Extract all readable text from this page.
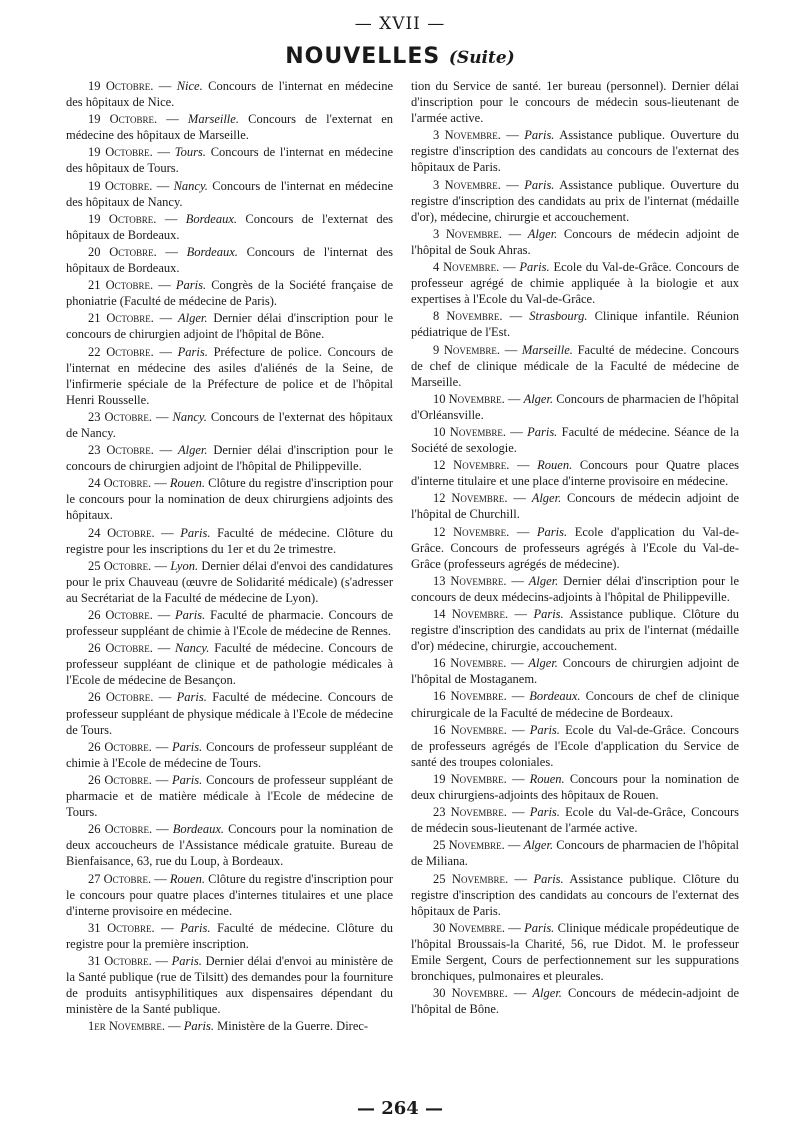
— XVII —
NOUVELLES (Suite)

19 Octobre. — Nice. Concours de l'internat en médecine des hôpitaux de Nice.

19 Octobre. — Marseille. Concours de l'externat en médecine des hôpitaux de Marseille.

19 Octobre. — Tours. Concours de l'internat en médecine des hôpitaux de Tours.

19 Octobre. — Nancy. Concours de l'internat en médecine des hôpitaux de Nancy.

19 Octobre. — Bordeaux. Concours de l'externat des hôpitaux de Bordeaux.

20 Octobre. — Bordeaux. Concours de l'internat des hôpitaux de Bordeaux.

21 Octobre. — Paris. Congrès de la Société française de phoniatrie (Faculté de médecine de Paris).

21 Octobre. — Alger. Dernier délai d'inscription pour le concours de chirurgien adjoint de l'hôpital de Bône.

22 Octobre. — Paris. Préfecture de police. Concours de l'internat en médecine des asiles d'aliénés de la Seine, de l'infirmerie spéciale de la Préfecture de police et de l'hôpital Henri Rousselle.

23 Octobre. — Nancy. Concours de l'externat des hôpitaux de Nancy.

23 Octobre. — Alger. Dernier délai d'inscription pour le concours de chirurgien adjoint de l'hôpital de Philippeville.

24 Octobre. — Rouen. Clôture du registre d'inscription pour le concours pour la nomination de deux chirurgiens adjoints des hôpitaux.

24 Octobre. — Paris. Faculté de médecine. Clôture du registre pour les inscriptions du 1er et du 2e trimestre.

25 Octobre. — Lyon. Dernier délai d'envoi des candidatures pour le prix Chauveau (œuvre de Solidarité médicale) (s'adresser au Secrétariat de la Faculté de médecine de Lyon).

26 Octobre. — Paris. Faculté de pharmacie. Concours de professeur suppléant de chimie à l'Ecole de médecine de Rennes.

26 Octobre. — Nancy. Faculté de médecine. Concours de professeur suppléant de clinique et de pathologie médicales à l'Ecole de médecine de Besançon.

26 Octobre. — Paris. Faculté de médecine. Concours de professeur suppléant de physique médicale à l'Ecole de médecine de Tours.

26 Octobre. — Paris. Concours de professeur suppléant de chimie à l'Ecole de médecine de Tours.

26 Octobre. — Paris. Concours de professeur suppléant de pharmacie et de matière médicale à l'Ecole de médecine de Tours.

26 Octobre. — Bordeaux. Concours pour la nomination de deux accoucheurs de l'Assistance médicale gratuite. Bureau de Bienfaisance, 63, rue du Loup, à Bordeaux.

27 Octobre. — Rouen. Clôture du registre d'inscription pour le concours pour quatre places d'internes titulaires et une place d'interne provisoire en médecine.

31 Octobre. — Paris. Faculté de médecine. Clôture du registre pour la première inscription.

31 Octobre. — Paris. Dernier délai d'envoi au ministère de la Santé publique (rue de Tilsitt) des demandes pour la fourniture de produits antisyphilitiques aux dispensaires dépendant du ministère de la Santé publique.

1er Novembre. — Paris. Ministère de la Guerre. Direc-

tion du Service de santé. 1er bureau (personnel). Dernier délai d'inscription pour le concours de médecin sous-lieutenant de l'armée active.

3 Novembre. — Paris. Assistance publique. Ouverture du registre d'inscription des candidats au concours de l'externat des hôpitaux de Paris.

3 Novembre. — Paris. Assistance publique. Ouverture du registre d'inscription des candidats au prix de l'internat (médaille d'or), médecine, chirurgie et accouchement.

3 Novembre. — Alger. Concours de médecin adjoint de l'hôpital de Souk Ahras.

4 Novembre. — Paris. Ecole du Val-de-Grâce. Concours de professeur agrégé de chimie appliquée à la biologie et aux expertises à l'Ecole du Val-de-Grâce.

8 Novembre. — Strasbourg. Clinique infantile. Réunion pédiatrique de l'Est.

9 Novembre. — Marseille. Faculté de médecine. Concours de chef de clinique médicale de la Faculté de médecine de Marseille.

10 Novembre. — Alger. Concours de pharmacien de l'hôpital d'Orléansville.

10 Novembre. — Paris. Faculté de médecine. Séance de la Société de sexologie.

12 Novembre. — Rouen. Concours pour Quatre places d'interne titulaire et une place d'interne provisoire en médecine.

12 Novembre. — Alger. Concours de médecin adjoint de l'hôpital de Churchill.

12 Novembre. — Paris. Ecole d'application du Val-de-Grâce. Concours de professeurs agrégés à l'Ecole du Val-de-Grâce (professeurs agrégés de médecine).

13 Novembre. — Alger. Dernier délai d'inscription pour le concours de deux médecins-adjoints à l'hôpital de Philippeville.

14 Novembre. — Paris. Assistance publique. Clôture du registre d'inscription des candidats au prix de l'internat (médaille d'or) médecine, chirurgie, accouchement.

16 Novembre. — Alger. Concours de chirurgien adjoint de l'hôpital de Mostaganem.

16 Novembre. — Bordeaux. Concours de chef de clinique chirurgicale de la Faculté de médecine de Bordeaux.

16 Novembre. — Paris. Ecole du Val-de-Grâce. Concours de professeurs agrégés de l'Ecole d'application du Service de santé des troupes coloniales.

19 Novembre. — Rouen. Concours pour la nomination de deux chirurgiens-adjoints des hôpitaux de Rouen.

23 Novembre. — Paris. Ecole du Val-de-Grâce, Concours de médecin sous-lieutenant de l'armée active.

25 Novembre. — Alger. Concours de pharmacien de l'hôpital de Miliana.

25 Novembre. — Paris. Assistance publique. Clôture du registre d'inscription des candidats au concours de l'externat des hôpitaux de Paris.

30 Novembre. — Paris. Clinique médicale propédeutique de l'hôpital Broussais-la Charité, 56, rue Didot. M. le professeur Emile Sergent, Cours de perfectionnement sur les suppurations bronchiques, pulmonaires et pleurales.

30 Novembre. — Alger. Concours de médecin-adjoint de l'hôpital de Bône.

— 264 —
